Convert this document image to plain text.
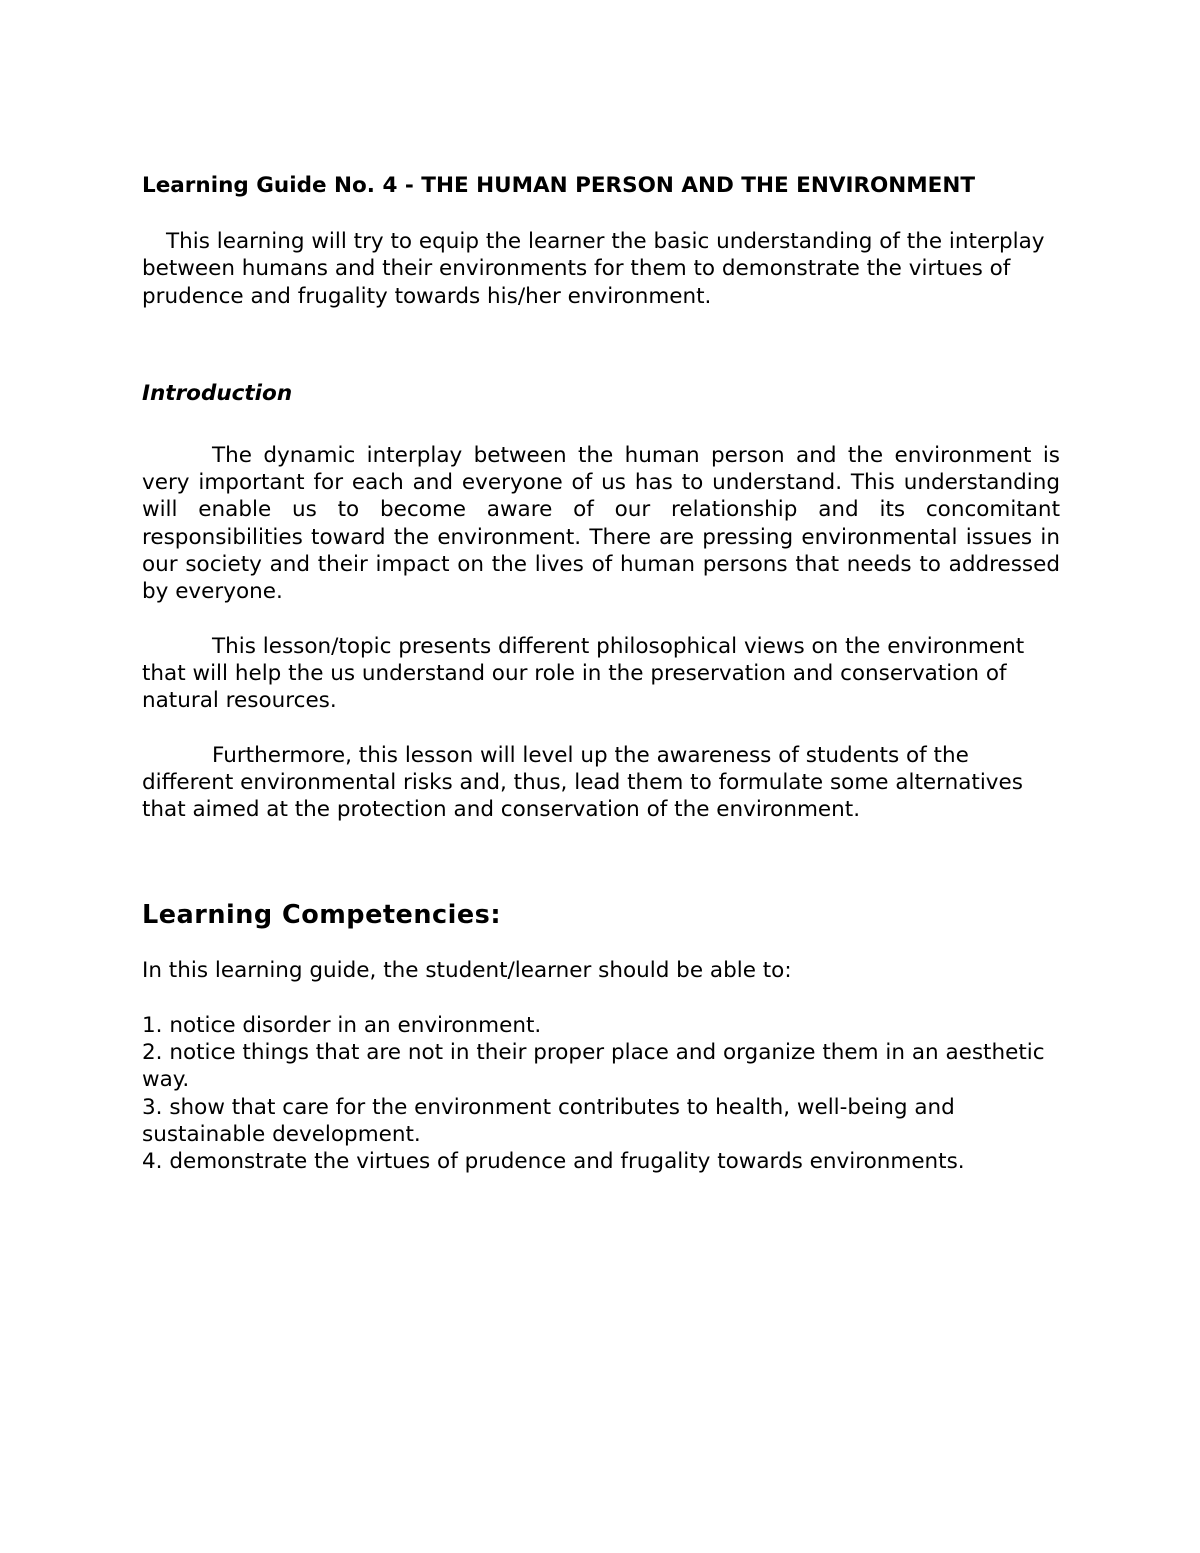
Learning Guide No. 4 - THE HUMAN PERSON AND THE ENVIRONMENT

This learning will try to equip the learner the basic understanding of the interplay between humans and their environments for them to demonstrate the virtues of prudence and frugality towards his/her environment.

Introduction

The dynamic interplay between the human person and the environment is very important for each and everyone of us has to understand. This understanding will enable us to become aware of our relationship and its concomitant responsibilities toward the environment. There are pressing environmental issues in our society and their impact on the lives of human persons that needs to addressed by everyone.

This lesson/topic presents different philosophical views on the environment that will help the us understand our role in the preservation and conservation of natural resources.

Furthermore, this lesson will level up the awareness of students of the different environmental risks and, thus, lead them to formulate some alternatives that aimed at the protection and conservation of the environment.

Learning Competencies:

In this learning guide, the student/learner should be able to:

1. notice disorder in an environment.
2. notice things that are not in their proper place and organize them in an aesthetic way.
3. show that care for the environment contributes to health, well-being and sustainable development.
4. demonstrate the virtues of prudence and frugality towards environments.
